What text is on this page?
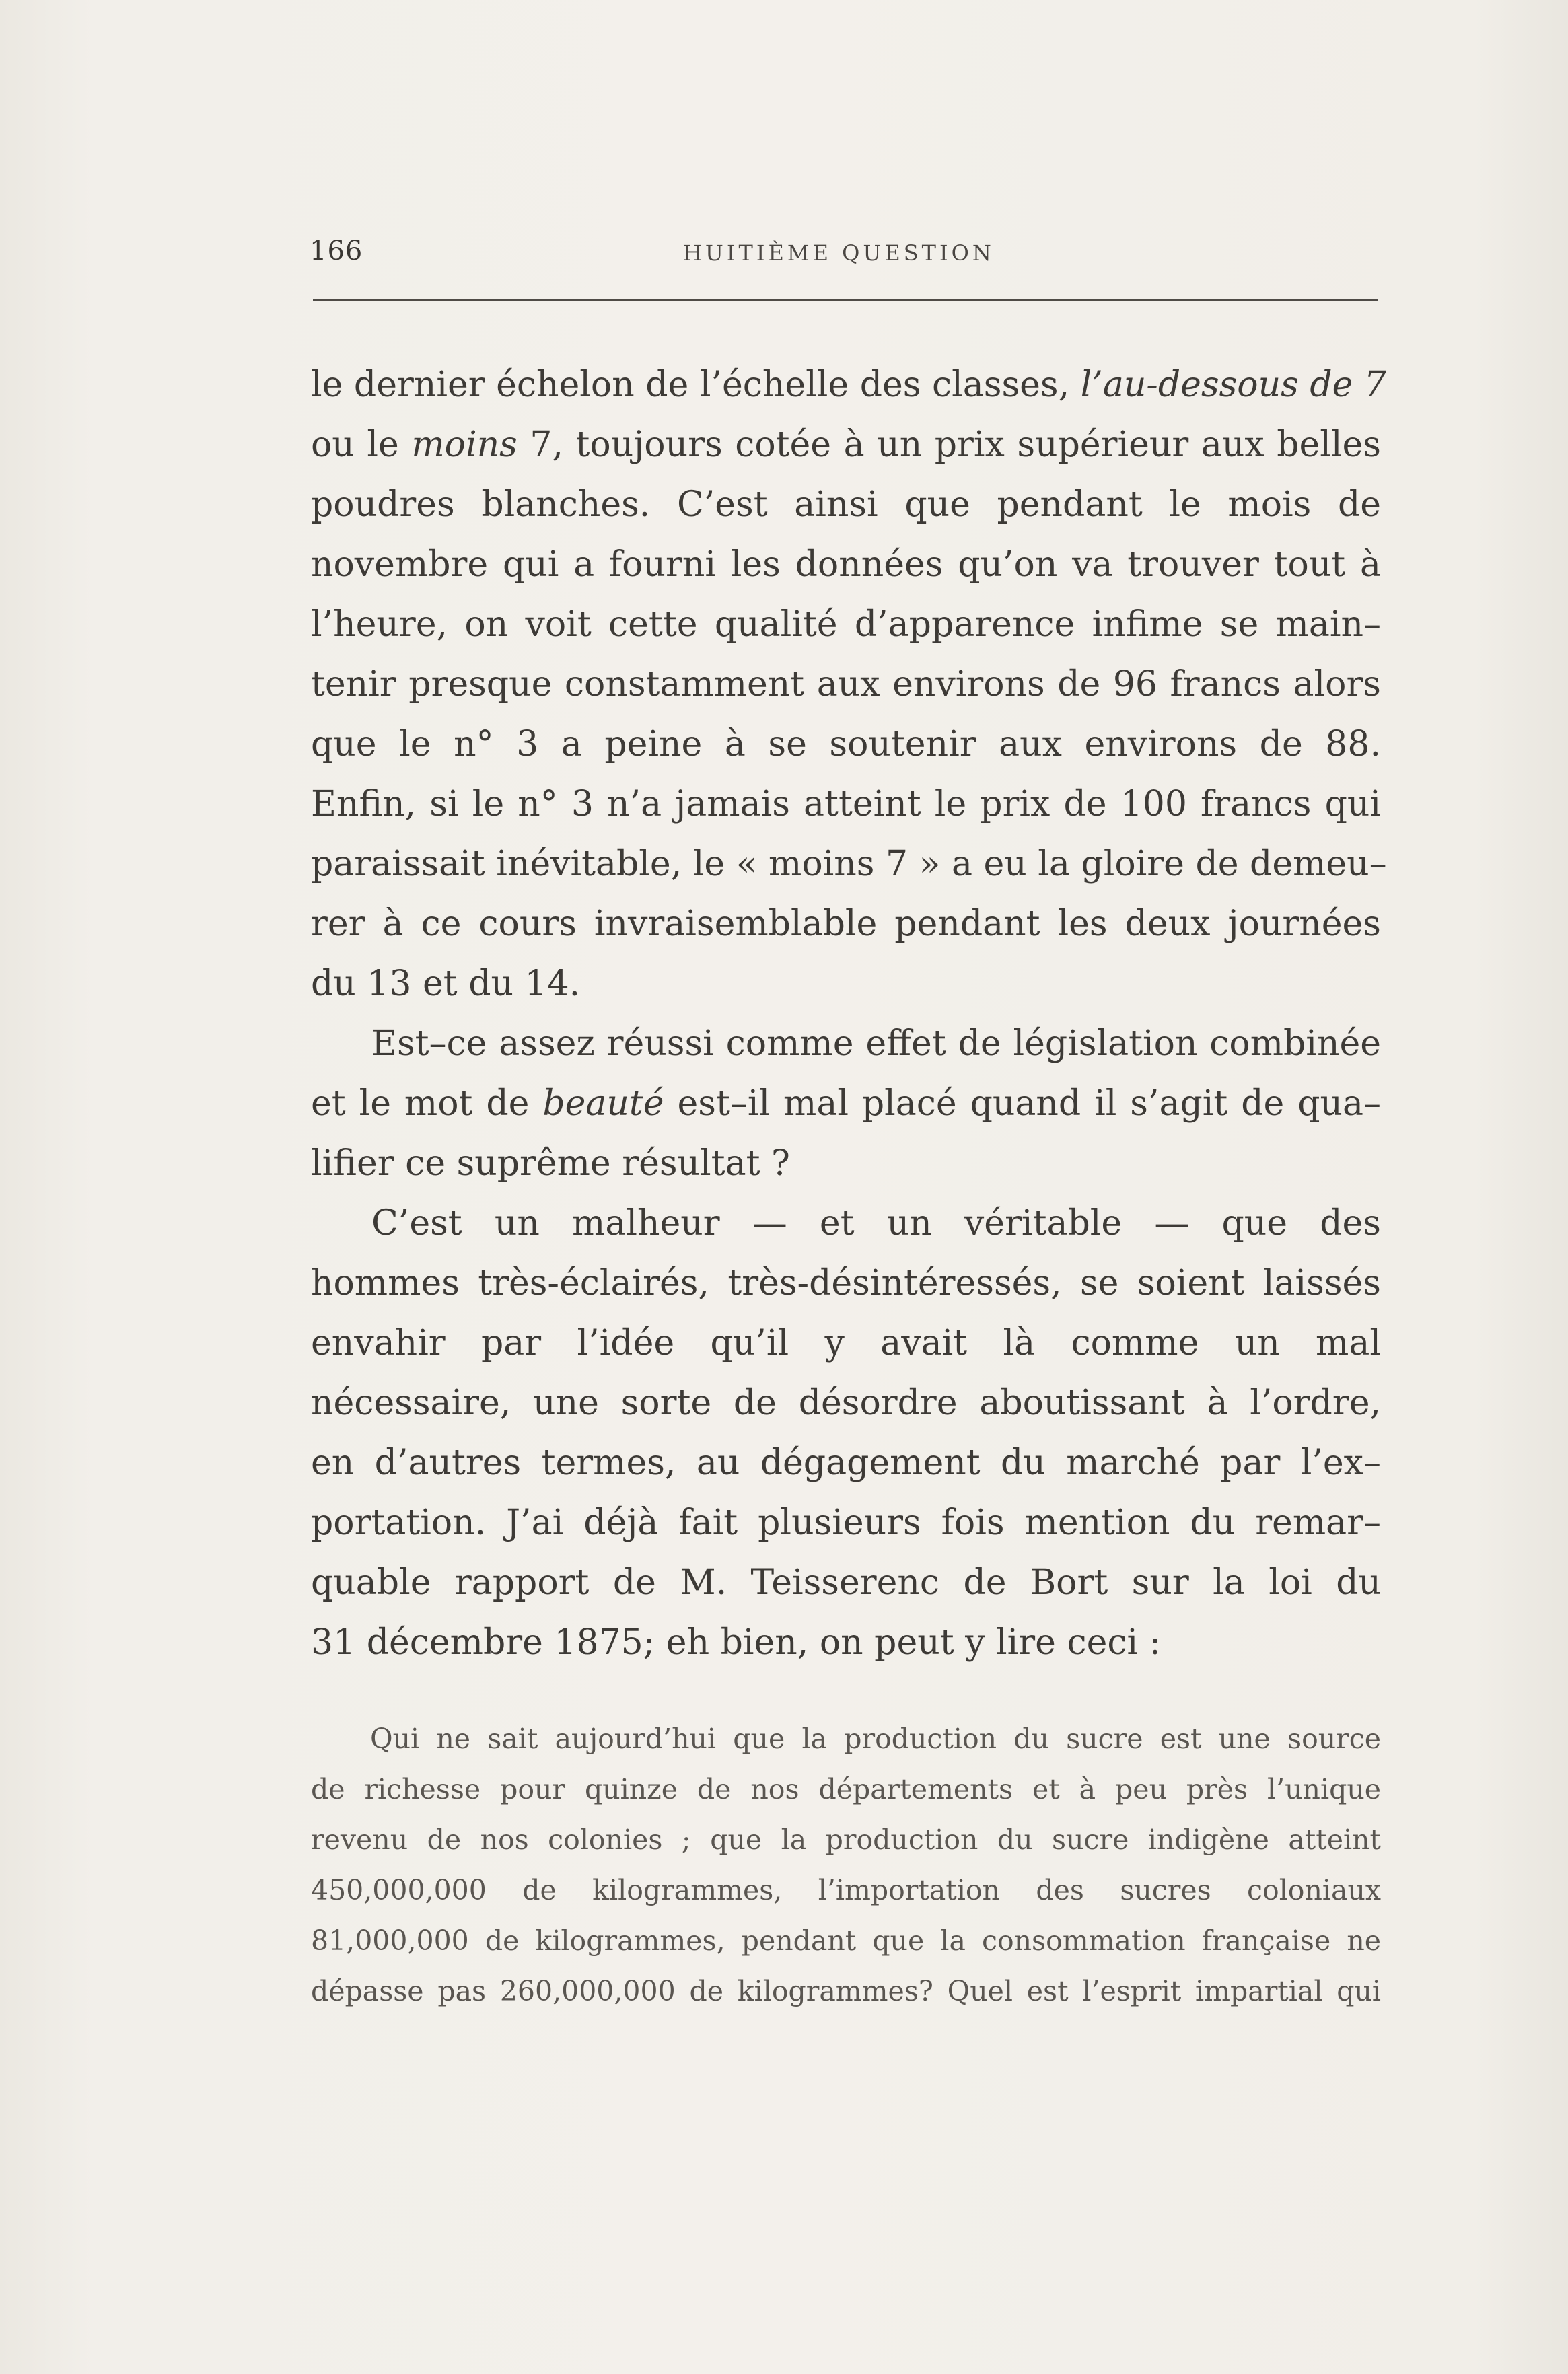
166	HUITIÈME QUESTION
le dernier échelon de l’échelle des classes, l’au-dessous de 7
ou le moins 7, toujours cotée à un prix supérieur aux belles
poudres blanches. C’est ainsi que pendant le mois de
novembre qui a fourni les données qu’on va trouver tout à
l’heure, on voit cette qualité d’apparence infime se main–
tenir presque constamment aux environs de 96 francs alors
que le n° 3 a peine à se soutenir aux environs de 88.
Enfin, si le n° 3 n’a jamais atteint le prix de 100 francs qui
paraissait inévitable, le « moins 7 » a eu la gloire de demeu–
rer à ce cours invraisemblable pendant les deux journées
du 13 et du 14.
Est–ce assez réussi comme effet de législation combinée
et le mot de beauté est–il mal placé quand il s’agit de qua–
lifier ce suprême résultat ?
C’est un malheur — et un véritable — que des
hommes très-éclairés, très-désintéressés, se soient laissés
envahir par l’idée qu’il y avait là comme un mal
nécessaire, une sorte de désordre aboutissant à l’ordre,
en d’autres termes, au dégagement du marché par l’ex–
portation. J’ai déjà fait plusieurs fois mention du remar–
quable rapport de M. Teisserenc de Bort sur la loi du
31 décembre 1875; eh bien, on peut y lire ceci :
Qui ne sait aujourd’hui que la production du sucre est une source
de richesse pour quinze de nos départements et à peu près l’unique
revenu de nos colonies ; que la production du sucre indigène atteint
450,000,000 de kilogrammes, l’importation des sucres coloniaux
81,000,000 de kilogrammes, pendant que la consommation française ne
dépasse pas 260,000,000 de kilogrammes? Quel est l’esprit impartial qui
